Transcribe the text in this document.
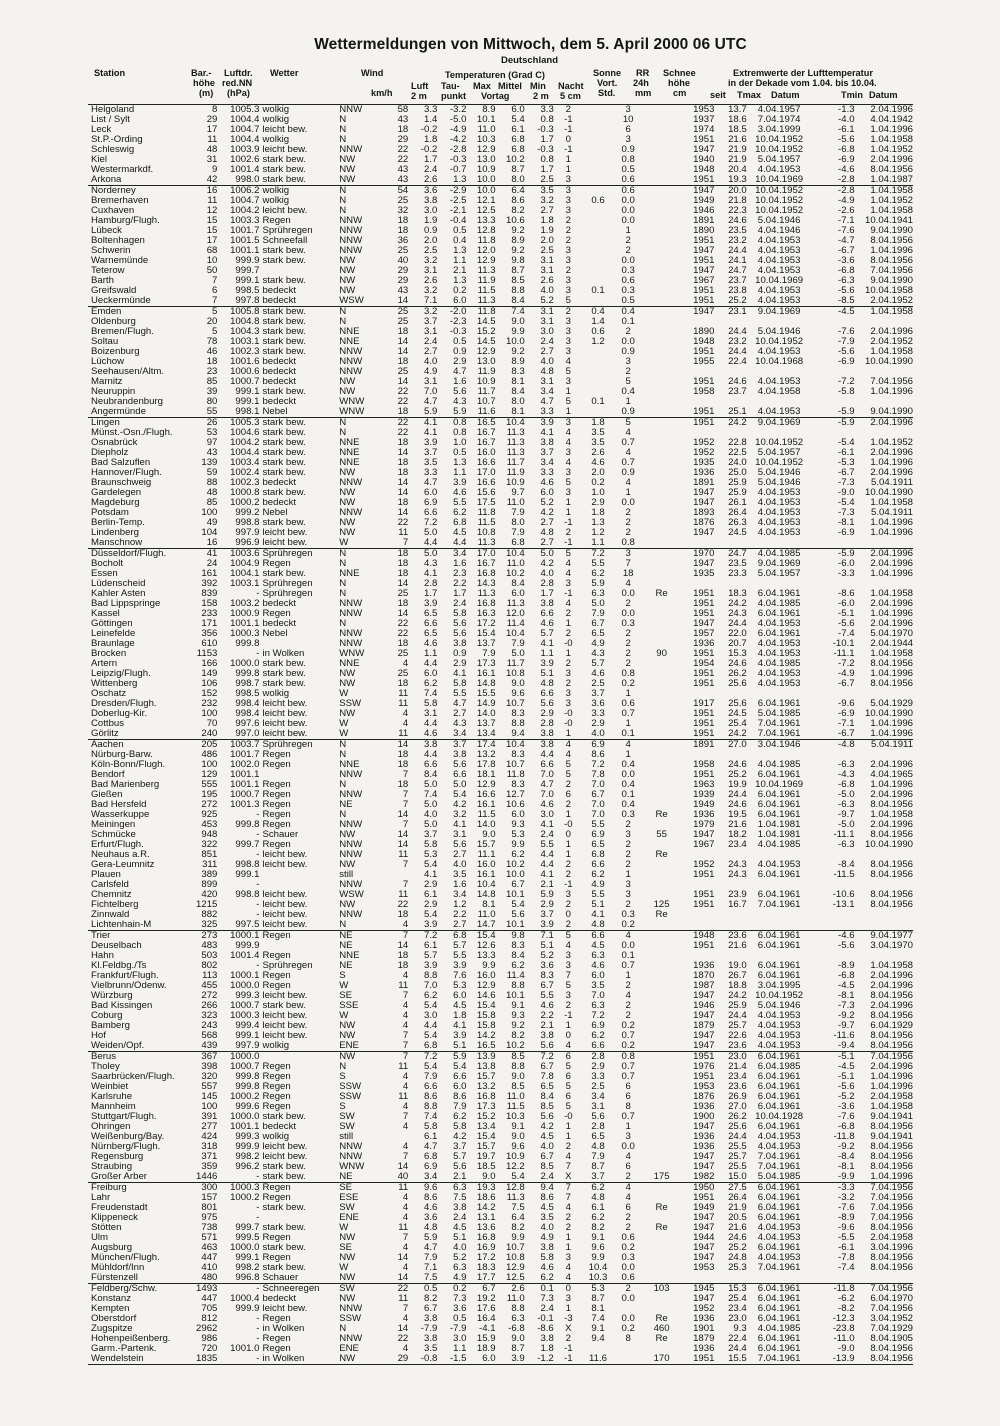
Wettermeldungen von Mittwoch, dem 5. April 2000 06 UTC
Deutschland
Station	Bar.-
höhe
(m)
Luftdr.
red.NN
(hPa)
Wetter	Wind
km/h
Temperaturen (Grad C)
Luft
2 m
Tau-
punkt
Max Mittel
Vortag
Min
2 m
Nacht
5 cm
Sonne
Vort.
Std.
RR
24h
mm
Schnee
höhe
cm
Extremwerte der Lufttemperatur
in der Dekade vom 1.04. bis 10.04.
seit Tmax Datum	Tmin Datum
Helgoland	8	1005.3	wolkig	NNW	58	3.3	-3.2	8.9	6.0	3.3	2		3		1953	13.7	4.04.1957	-1.3	2.04.1996
List / Sylt	29	1004.4	wolkig	N	43	1.4	-5.0	10.1	5.4	0.8	-1		10		1937	18.6	7.04.1974	-4.0	4.04.1942
Leck	17	1004.7	leicht bew.	N	18	-0.2	-4.9	11.0	6.1	-0.3	-1		6		1974	18.5	3.04.1999	-6.1	1.04.1996
St.P.-Ording	11	1004.4	wolkig	N	29	1.8	-4.2	10.3	6.8	1.7	0		3		1951	21.6	10.04.1952	-5.6	1.04.1958
Schleswig	48	1003.9	leicht bew.	NNW	22	-0.2	-2.8	12.9	6.8	-0.3	-1		0.9		1947	21.9	10.04.1952	-6.8	1.04.1952
Kiel	31	1002.6	stark bew.	NW	22	1.7	-0.3	13.0	10.2	0.8	1		0.8		1940	21.9	5.04.1957	-6.9	2.04.1996
Westermarkdf.	9	1001.4	stark bew.	NW	43	2.4	-0.7	10.9	8.7	1.7	1		0.5		1948	20.4	4.04.1953	-4.6	8.04.1956
Arkona	42	998.0	stark bew.	NW	43	2.6	1.3	10.0	8.0	2.5	3		0.6		1951	19.3	10.04.1969	-2.8	1.04.1987
Norderney	16	1006.2	wolkig	N	54	3.6	-2.9	10.0	6.4	3.5	3		0.6		1947	20.0	10.04.1952	-2.8	1.04.1958
Bremerhaven	11	1004.7	wolkig	N	25	3.8	-2.5	12.1	8.6	3.2	3	0.6	0.0		1949	21.8	10.04.1952	-4.9	1.04.1952
Cuxhaven	12	1004.2	leicht bew.	N	32	3.0	-2.1	12.5	8.2	2.7	3		0.0		1946	22.3	10.04.1952	-2.6	1.04.1958
Hamburg/Flugh.	15	1003.3	Regen	NNW	18	1.9	-0.4	13.3	10.6	1.8	2		0.0		1891	24.6	5.04.1946	-7.1	10.04.1941
Lübeck	15	1001.7	Sprühregen	NNW	18	0.9	0.5	12.8	9.2	1.9	2		1		1890	23.5	4.04.1946	-7.6	9.04.1990
Boltenhagen	17	1001.5	Schneefall	NNW	36	2.0	0.4	11.8	8.9	2.0	2		2		1951	23.2	4.04.1953	-4.7	8.04.1956
Schwerin	68	1001.1	stark bew.	NNW	25	2.5	1.3	12.0	9.2	2.5	3		2		1947	24.4	4.04.1953	-6.7	1.04.1996
Warnemünde	10	999.9	stark bew.	NW	40	3.2	1.1	12.9	9.8	3.1	3		0.0		1951	24.1	4.04.1953	-3.6	8.04.1956
Teterow	50	999.7		NW	29	3.1	2.1	11.3	8.7	3.1	2		0.3		1947	24.7	4.04.1953	-6.8	7.04.1956
Barth	7	999.1	stark bew.	NW	29	2.6	1.3	11.9	8.5	2.6	3		0.6		1967	23.7	10.04.1969	-6.3	9.04.1990
Greifswald	6	998.5	bedeckt	NW	43	3.2	0.2	11.5	8.8	4.0	3	0.1	0.3		1951	23.8	4.04.1953	-5.6	10.04.1958
Ueckermünde	7	997.8	bedeckt	WSW	14	7.1	6.0	11.3	8.4	5.2	5		0.5		1951	25.2	4.04.1953	-8.5	2.04.1952
Emden	5	1005.8	stark bew.	N	25	3.2	-2.0	11.8	7.4	3.1	2	0.4	0.4		1947	23.1	9.04.1969	-4.5	1.04.1958
Oldenburg	20	1004.8	stark bew.	N	25	3.7	-2.3	14.5	9.0	3.1	3	1.4	0.1						
Bremen/Flugh.	5	1004.3	stark bew.	NNE	18	3.1	-0.3	15.2	9.9	3.0	3	0.6	2		1890	24.4	5.04.1946	-7.6	2.04.1996
Soltau	78	1003.1	stark bew.	NNE	14	2.4	0.5	14.5	10.0	2.4	3	1.2	0.0		1948	23.2	10.04.1952	-7.9	2.04.1952
Boizenburg	46	1002.3	stark bew.	NNW	14	2.7	0.9	12.9	9.2	2.7	3		0.9		1951	24.4	4.04.1953	-5.6	1.04.1958
Lüchow	18	1001.6	bedeckt	NNW	18	4.0	2.9	13.0	8.9	4.0	4		3		1955	22.4	10.04.1968	-6.9	10.04.1990
Seehausen/Altm.	23	1000.6	bedeckt	NNW	25	4.9	4.7	11.9	8.3	4.8	5		2						
Marnitz	85	1000.7	bedeckt	NW	14	3.1	1.6	10.9	8.1	3.1	3		5		1951	24.6	4.04.1953	-7.2	7.04.1956
Neuruppin	39	999.1	stark bew.	NW	22	7.0	5.6	11.7	8.4	3.4	1		0.4		1958	23.7	4.04.1958	-5.8	1.04.1996
Neubrandenburg	80	999.1	bedeckt	WNW	22	4.7	4.3	10.7	8.0	4.7	5	0.1	1						
Angermünde	55	998.1	Nebel	WNW	18	5.9	5.9	11.6	8.1	3.3	1		0.9		1951	25.1	4.04.1953	-5.9	9.04.1990
Lingen	26	1005.3	stark bew.	N	22	4.1	0.8	16.5	10.4	3.9	3	1.8	5		1951	24.2	9.04.1969	-5.9	2.04.1996
Münst.-Osn./Flugh.	53	1004.6	stark bew.	N	22	4.1	0.8	16.7	11.3	4.1	4	3.5	4						
Osnabrück	97	1004.2	stark bew.	NNE	18	3.9	1.0	16.7	11.3	3.8	4	3.5	0.7		1952	22.8	10.04.1952	-5.4	1.04.1952
Diepholz	43	1004.4	stark bew.	NNE	14	3.7	0.5	16.0	11.3	3.7	3	2.6	4		1952	22.5	5.04.1957	-6.1	2.04.1996
Bad Salzuflen	139	1003.4	stark bew.	NNE	18	3.5	1.3	16.6	11.7	3.4	4	4.6	0.7		1935	24.0	10.04.1952	-5.3	1.04.1996
Hannover/Flugh.	59	1002.4	stark bew.	NW	18	3.3	1.1	17.0	11.9	3.3	3	2.0	0.9		1936	25.0	5.04.1946	-6.7	2.04.1996
Braunschweig	88	1002.3	bedeckt	NNW	14	4.7	3.9	16.6	10.9	4.6	5	0.2	4		1891	25.9	5.04.1946	-7.3	5.04.1911
Gardelegen	48	1000.8	stark bew.	NW	14	6.0	4.6	15.6	9.7	6.0	3	1.0	1		1947	25.9	4.04.1953	-9.0	10.04.1990
Magdeburg	85	1000.2	bedeckt	NW	18	6.9	5.5	17.5	11.0	5.2	1	2.9	0.0		1947	26.1	4.04.1953	-5.4	1.04.1958
Potsdam	100	999.2	Nebel	NNW	14	6.6	6.2	11.8	7.9	4.2	1	1.8	2		1893	26.4	4.04.1953	-7.3	5.04.1911
Berlin-Temp.	49	998.8	stark bew.	NW	22	7.2	6.8	11.5	8.0	2.7	-1	1.3	2		1876	26.3	4.04.1953	-8.1	1.04.1996
Lindenberg	104	997.9	leicht bew.	NW	11	5.0	4.5	10.8	7.9	4.8	2	1.2	2		1947	24.5	4.04.1953	-6.9	1.04.1996
Manschnow	16	996.9	leicht bew.	W	7	4.4	4.4	11.3	6.8	2.7	-1	1.1	0.8						
Düsseldorf/Flugh.	41	1003.6	Sprühregen	N	18	5.0	3.4	17.0	10.4	5.0	5	7.2	3		1970	24.7	4.04.1985	-5.9	2.04.1996
Bocholt	24	1004.9	Regen	N	18	4.3	1.6	16.7	11.0	4.2	4	5.5	7		1947	23.5	9.04.1969	-6.0	2.04.1996
Essen	161	1004.1	stark bew.	NNE	18	4.1	2.3	16.8	10.2	4.0	4	6.2	18		1935	23.3	5.04.1957	-3.3	1.04.1996
Lüdenscheid	392	1003.1	Sprühregen	N	14	2.8	2.2	14.3	8.4	2.8	3	5.9	4						
Kahler Asten	839	-	Sprühregen	N	25	1.7	1.7	11.3	6.0	1.7	-1	6.3	0.0	Re	1951	18.3	6.04.1961	-8.6	1.04.1958
Bad Lippspringe	158	1003.2	bedeckt	NNW	18	3.9	2.4	16.8	11.3	3.8	4	5.0	2		1951	24.2	4.04.1985	-6.0	2.04.1996
Kassel	233	1000.9	Regen	NNW	14	6.5	5.8	16.3	12.0	6.6	2	7.9	0.0		1951	24.3	6.04.1961	-5.1	1.04.1996
Göttingen	171	1001.1	bedeckt	N	22	6.6	5.6	17.2	11.4	4.6	1	6.7	0.3		1947	24.4	4.04.1953	-5.6	2.04.1996
Leinefelde	356	1000.3	Nebel	NNW	22	6.5	5.6	15.4	10.4	5.7	2	6.5	2		1957	22.0	6.04.1961	-7.4	5.04.1970
Braunlage	610	999.8		NNW	18	4.6	3.8	13.7	7.9	4.1	-0	4.9	2		1936	20.7	4.04.1953	-10.1	2.04.1944
Brocken	1153	-	in Wolken	WNW	25	1.1	0.9	7.9	5.0	1.1	1	4.3	2	90	1951	15.3	4.04.1953	-11.1	1.04.1958
Artern	166	1000.0	stark bew.	NNE	4	4.4	2.9	17.3	11.7	3.9	2	5.7	2		1954	24.6	4.04.1985	-7.2	8.04.1956
Leipzig/Flugh.	149	999.8	stark bew.	NW	25	6.0	4.1	16.1	10.8	5.1	3	4.6	0.8		1951	26.2	4.04.1953	-4.9	1.04.1996
Wittenberg	106	998.7	stark bew.	NW	18	6.2	5.8	14.8	9.0	4.8	2	2.5	0.2		1951	25.6	4.04.1953	-6.7	8.04.1956
Oschatz	152	998.5	wolkig	W	11	7.4	5.5	15.5	9.6	6.6	3	3.7	1						
Dresden/Flugh.	232	998.4	leicht bew.	SSW	11	5.8	4.7	14.9	10.7	5.6	3	3.6	0.6		1917	25.6	6.04.1961	-9.6	5.04.1929
Doberlug-Kir.	100	998.4	leicht bew.	NW	4	3.1	2.7	14.0	8.3	2.9	-0	3.3	0.7		1951	24.5	5.04.1985	-6.9	10.04.1990
Cottbus	70	997.6	leicht bew.	W	4	4.4	4.3	13.7	8.8	2.8	-0	2.9	1		1951	25.4	7.04.1961	-7.1	1.04.1996
Görlitz	240	997.0	leicht bew.	W	11	4.6	3.4	13.4	9.4	3.8	1	4.0	0.1		1951	24.2	7.04.1961	-6.7	1.04.1996
Aachen	205	1003.7	Sprühregen	N	14	3.8	3.7	17.4	10.4	3.8	4	6.9	4		1891	27.0	3.04.1946	-4.8	5.04.1911
Nürburg-Barw.	486	1001.7	Regen	N	18	4.4	3.8	13.2	8.3	4.4	4	8.6	1						
Köln-Bonn/Flugh.	100	1002.0	Regen	NNE	18	6.6	5.6	17.8	10.7	6.6	5	7.2	0.4		1958	24.6	4.04.1985	-6.3	2.04.1996
Bendorf	129	1001.1		NNW	7	8.4	6.6	18.1	11.8	7.0	5	7.8	0.0		1951	25.2	6.04.1961	-4.3	4.04.1965
Bad Marienberg	555	1001.1	Regen	N	18	5.0	5.0	12.9	8.3	4.7	2	7.0	0.4		1963	19.9	10.04.1969	-6.8	1.04.1996
Gießen	195	1000.7	Regen	NNW	7	7.4	5.4	16.6	12.7	7.0	6	6.7	0.1		1939	24.4	6.04.1961	-5.0	2.04.1996
Bad Hersfeld	272	1001.3	Regen	NE	7	5.0	4.2	16.1	10.6	4.6	2	7.0	0.4		1949	24.6	6.04.1961	-6.3	8.04.1956
Wasserkuppe	925	-	Regen	N	14	4.0	3.2	11.5	6.0	3.0	1	7.0	0.3	Re	1936	19.5	6.04.1961	-9.7	1.04.1958
Meiningen	453	999.8	Regen	NNW	7	5.0	4.1	14.0	9.3	4.1	-0	5.5	2		1979	21.6	1.04.1981	-5.0	2.04.1996
Schmücke	948	-	Schauer	NW	14	3.7	3.1	9.0	5.3	2.4	0	6.9	3	55	1947	18.2	1.04.1981	-11.1	8.04.1956
Erfurt/Flugh.	322	999.7	Regen	NNW	14	5.8	5.6	15.7	9.9	5.5	1	6.5	2		1967	23.4	4.04.1985	-6.3	10.04.1990
Neuhaus a.R.	851	-	leicht bew.	NNW	11	5.3	2.7	11.1	6.2	4.4	1	6.8	2	Re					
Gera-Leumnitz	311	998.8	leicht bew.	NW	7	5.4	4.0	16.0	10.2	4.4	2	6.6	2		1952	24.3	4.04.1953	-8.4	8.04.1956
Plauen	389	999.1		still		4.1	3.5	16.1	10.0	4.1	2	6.2	1		1951	24.3	6.04.1961	-11.5	8.04.1956
Carlsfeld	899	-		NNW	7	2.9	1.6	10.4	6.7	2.1	-1	4.9	3						
Chemnitz	420	998.8	leicht bew.	WSW	11	6.1	3.4	14.8	10.1	5.9	3	5.5	3		1951	23.9	6.04.1961	-10.6	8.04.1956
Fichtelberg	1215	-	leicht bew.	NW	22	2.9	1.2	8.1	5.4	2.9	2	5.1	2	125	1951	16.7	7.04.1961	-13.1	8.04.1956
Zinnwald	882	-	leicht bew.	NNW	18	5.4	2.2	11.0	5.6	3.7	0	4.1	0.3	Re					
Lichtenhain-M	325	997.5	leicht bew.	N	4	3.9	2.7	14.7	10.1	3.9	2	4.8	0.2						
Trier	273	1000.1	Regen	NE	7	7.2	6.8	15.4	9.8	7.1	5	6.6	4		1948	23.6	6.04.1961	-4.6	9.04.1977
Deuselbach	483	999.9		NE	14	6.1	5.7	12.6	8.3	5.1	4	4.5	0.0		1951	21.6	6.04.1961	-5.6	3.04.1970
Hahn	503	1001.4	Regen	NNE	18	5.7	5.5	13.3	8.4	5.2	3	6.3	0.1						
Kl.Feldbg./Ts	802	-	Sprühregen	NE	18	3.9	3.9	9.9	6.2	3.6	3	4.6	0.7		1936	19.0	6.04.1961	-8.9	1.04.1958
Frankfurt/Flugh.	113	1000.1	Regen	S	4	8.8	7.6	16.0	11.4	8.3	7	6.0	1		1870	26.7	6.04.1961	-6.8	2.04.1996
Vielbrunn/Odenw.	455	1000.0	Regen	W	11	7.0	5.3	12.9	8.8	6.7	5	3.5	2		1987	18.8	3.04.1995	-4.5	2.04.1996
Würzburg	272	999.3	leicht bew.	SE	7	6.2	6.0	14.6	10.1	5.5	3	7.0	4		1947	24.2	10.04.1952	-8.1	8.04.1956
Bad Kissingen	266	1000.7	stark bew.	SSE	4	5.4	4.5	15.4	9.1	4.6	2	6.3	2		1946	25.9	5.04.1946	-7.3	2.04.1996
Coburg	323	1000.3	leicht bew.	W	4	3.0	1.8	15.8	9.3	2.2	-1	7.2	2		1947	24.4	4.04.1953	-9.2	8.04.1956
Bamberg	243	999.4	leicht bew.	NW	4	4.4	4.1	15.8	9.2	2.1	1	6.9	0.2		1879	25.7	4.04.1953	-9.7	6.04.1929
Hof	568	999.1	leicht bew.	NW	7	5.4	3.9	14.2	8.2	3.8	0	6.2	0.7		1947	22.6	4.04.1953	-11.6	8.04.1956
Weiden/Opf.	439	997.9	wolkig	ENE	7	6.8	5.1	16.5	10.2	5.6	4	6.6	0.2		1947	23.6	4.04.1953	-9.4	8.04.1956
Berus	367	1000.0		NW	7	7.2	5.9	13.9	8.5	7.2	6	2.8	0.8		1951	23.0	6.04.1961	-5.1	7.04.1956
Tholey	398	1000.7	Regen	N	11	5.4	5.4	13.8	8.8	6.7	5	2.9	0.7		1976	21.4	6.04.1985	-4.5	2.04.1996
Saarbrücken/Flugh.	320	999.8	Regen	S	4	7.9	6.6	15.7	9.0	7.8	6	3.3	0.7		1951	23.4	6.04.1961	-5.1	1.04.1996
Weinbiet	557	999.8	Regen	SSW	4	6.6	6.0	13.2	8.5	6.5	5	2.5	6		1953	23.6	6.04.1961	-5.6	1.04.1996
Karlsruhe	145	1000.2	Regen	SSW	11	8.6	8.6	16.8	11.0	8.4	6	3.4	6		1876	26.9	6.04.1961	-5.2	2.04.1958
Mannheim	100	999.6	Regen	S	4	8.8	7.9	17.3	11.5	8.5	5	3.1	8		1936	27.0	6.04.1961	-3.6	1.04.1958
Stuttgart/Flugh.	391	1000.0	stark bew.	SW	7	7.4	6.2	15.2	10.3	5.6	-0	5.6	0.7		1900	26.2	10.04.1928	-7.6	9.04.1941
Öhringen	277	1001.1	bedeckt	SW	4	5.8	5.8	13.4	9.1	4.2	1	2.8	1		1947	25.6	6.04.1961	-6.8	8.04.1956
Weißenburg/Bay.	424	999.3	wolkig	still		6.1	4.2	15.4	9.0	4.5	1	6.5	3		1936	24.4	4.04.1953	-11.8	9.04.1941
Nürnberg/Flugh.	318	999.9	leicht bew.	NNW	4	4.7	3.7	15.7	9.6	4.0	2	4.8	0.0		1936	25.5	4.04.1953	-9.2	8.04.1956
Regensburg	371	998.2	leicht bew.	NNW	7	6.8	5.7	19.7	10.9	6.7	4	7.9	4		1947	25.7	7.04.1961	-8.4	8.04.1956
Straubing	359	996.2	stark bew.	WNW	14	6.9	5.6	18.5	12.2	8.5	7	8.7	6		1947	25.5	7.04.1961	-8.1	8.04.1956
Großer Arber	1446	-	stark bew.	NE	40	3.4	2.1	9.0	5.4	2.4	X	3.7	2	175	1982	15.0	5.04.1985	-9.9	1.04.1996
Freiburg	300	1000.3	Regen	SE	11	9.6	6.3	19.3	12.8	9.4	7	6.2	4		1950	27.5	6.04.1961	-3.3	7.04.1956
Lahr	157	1000.2	Regen	ESE	4	8.6	7.5	18.6	11.3	8.6	7	4.8	4		1951	26.4	6.04.1961	-3.2	7.04.1956
Freudenstadt	801	-	stark bew.	SW	4	4.6	3.8	14.2	7.5	4.5	4	6.1	6	Re	1949	21.9	6.04.1961	-7.6	7.04.1956
Klippeneck	975	-		ENE	4	3.6	2.4	13.1	6.4	3.5	2	6.2	2		1947	20.5	6.04.1961	-8.9	7.04.1956
Stötten	738	999.7	stark bew.	W	11	4.8	4.5	13.6	8.2	4.0	2	8.2	2	Re	1947	21.6	4.04.1953	-9.6	8.04.1956
Ulm	571	999.5	Regen	NW	7	5.9	5.1	16.8	9.9	4.9	1	9.1	0.6		1944	24.6	4.04.1953	-5.5	2.04.1958
Augsburg	463	1000.0	stark bew.	SE	4	4.7	4.0	16.9	10.7	3.8	1	9.6	0.2		1947	25.2	6.04.1961	-6.1	3.04.1996
München/Flugh.	447	999.1	Regen	NW	14	7.9	5.2	17.2	10.8	5.8	3	9.9	0.3		1947	24.8	4.04.1953	-7.8	8.04.1956
Mühldorf/Inn	410	998.2	stark bew.	W	4	7.1	6.3	18.3	12.9	4.6	4	10.4	0.0		1953	25.3	7.04.1961	-7.4	8.04.1956
Fürstenzell	480	996.8	Schauer	NW	14	7.5	4.9	17.7	12.5	6.2	4	10.3	0.6						
Feldberg/Schw.	1493	-	Schneeregen	SW	22	0.5	0.2	6.7	2.6	0.1	0	5.3	2	103	1945	15.3	6.04.1961	-11.8	7.04.1956
Konstanz	447	1000.4	bedeckt	NW	11	8.2	7.3	19.2	11.0	7.3	3	8.7	0.0		1947	25.4	6.04.1961	-6.2	6.04.1970
Kempten	705	999.9	leicht bew.	NNW	7	6.7	3.6	17.6	8.8	2.4	1	8.1			1952	23.4	6.04.1961	-8.2	7.04.1956
Oberstdorf	812	-	Regen	SSW	4	3.8	0.5	16.4	6.3	-0.1	-3	7.4	0.0	Re	1936	23.0	6.04.1961	-12.3	3.04.1952
Zugspitze	2962	-	in Wolken	N	14	-7.9	-7.9	-4.1	-6.8	-8.6	X	9.1	0.2	460	1901	9.3	4.04.1985	-23.8	7.04.1929
Hohenpeißenberg.	986	-	Regen	NNW	22	3.8	3.0	15.9	9.0	3.8	2	9.4	8	Re	1879	22.4	6.04.1961	-11.0	8.04.1905
Garm.-Partenk.	720	1001.0	Regen	ENE	4	3.5	1.1	18.9	8.7	1.8	-1				1936	24.4	6.04.1961	-9.0	8.04.1956
Wendelstein	1835	-	in Wolken	NW	29	-0.8	-1.5	6.0	3.9	-1.2	-1	11.6		170	1951	15.5	7.04.1961	-13.9	8.04.1956
